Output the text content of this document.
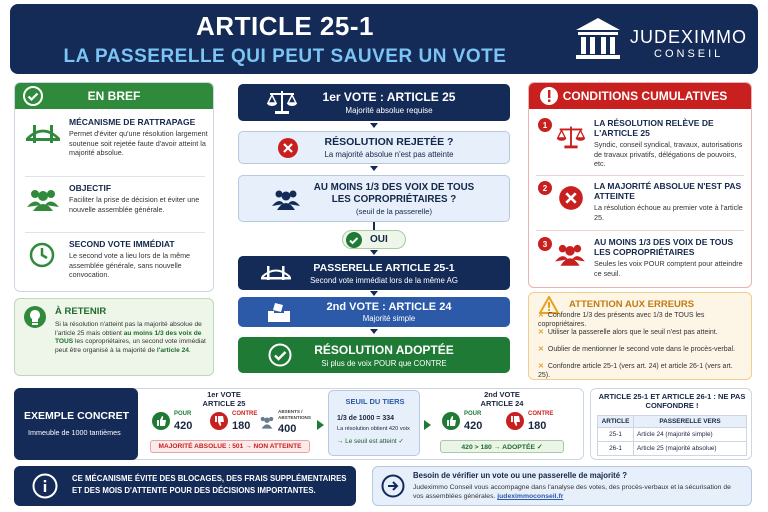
ARTICLE 25-1
LA PASSERELLE QUI PEUT SAUVER UN VOTE
JUDEXIMMO
CONSEIL
EN BREF
MÉCANISME DE RATTRAPAGE
Permet d'éviter qu'une résolution largement soutenue soit rejetée faute d'avoir atteint la majorité absolue.
OBJECTIF
Faciliter la prise de décision et éviter une nouvelle assemblée générale.
SECOND VOTE IMMÉDIAT
Le second vote a lieu lors de la même assemblée générale, sans nouvelle convocation.
À RETENIR
Si la résolution n'atteint pas la majorité absolue de l'article 25 mais obtient au moins 1/3 des voix de TOUS les copropriétaires, un second vote immédiat peut être organisé à la majorité de l'article 24.
1er VOTE : ARTICLE 25
Majorité absolue requise
RÉSOLUTION REJETÉE ?
La majorité absolue n'est pas atteinte
AU MOINS 1/3 DES VOIX DE TOUS LES COPROPRIÉTAIRES ?
(seuil de la passerelle)
OUI
PASSERELLE ARTICLE 25-1
Second vote immédiat lors de la même AG
2nd VOTE : ARTICLE 24
Majorité simple
RÉSOLUTION ADOPTÉE
Si plus de voix POUR que CONTRE
CONDITIONS CUMULATIVES
1	LA RÉSOLUTION RELÈVE DE L'ARTICLE 25
Syndic, conseil syndical, travaux, autorisations de travaux privatifs, délégations de pouvoirs, etc.
2	LA MAJORITÉ ABSOLUE N'EST PAS ATTEINTE
La résolution échoue au premier vote à l'article 25.
3	AU MOINS 1/3 DES VOIX DE TOUS LES COPROPRIÉTAIRES
Seules les voix POUR comptent pour atteindre ce seuil.
ATTENTION AUX ERREURS
✕ Confondre 1/3 des présents avec 1/3 de TOUS les copropriétaires.
✕ Utiliser la passerelle alors que le seuil n'est pas atteint.
✕ Oublier de mentionner le second vote dans le procès-verbal.
✕ Confondre article 25-1 (vers art. 24) et article 26-1 (vers art. 25).
EXEMPLE CONCRET
Immeuble de 1000 tantièmes
1er VOTE ARTICLE 25
POUR
420
CONTRE
180
ABSENTS / ABSTENTIONS
400
MAJORITÉ ABSOLUE : 501 → NON ATTEINTE
SEUIL DU TIERS
1/3 de 1000 = 334
La résolution obtient 420 voix
→ Le seuil est atteint ✓
2nd VOTE ARTICLE 24
POUR
420
CONTRE
180
420 > 180 → ADOPTÉE ✓
ARTICLE 25-1 ET ARTICLE 26-1 : NE PAS CONFONDRE !
ARTICLE	PASSERELLE VERS
25-1	Article 24 (majorité simple)
26-1	Article 25 (majorité absolue)
CE MÉCANISME ÉVITE DES BLOCAGES, DES FRAIS SUPPLÉMENTAIRES ET DES MOIS D'ATTENTE POUR DES DÉCISIONS IMPORTANTES.
Besoin de vérifier un vote ou une passerelle de majorité ?
Judeximmo Conseil vous accompagne dans l'analyse des votes, des procès-verbaux et la sécurisation de vos assemblées générales. judeximmoconseil.fr
